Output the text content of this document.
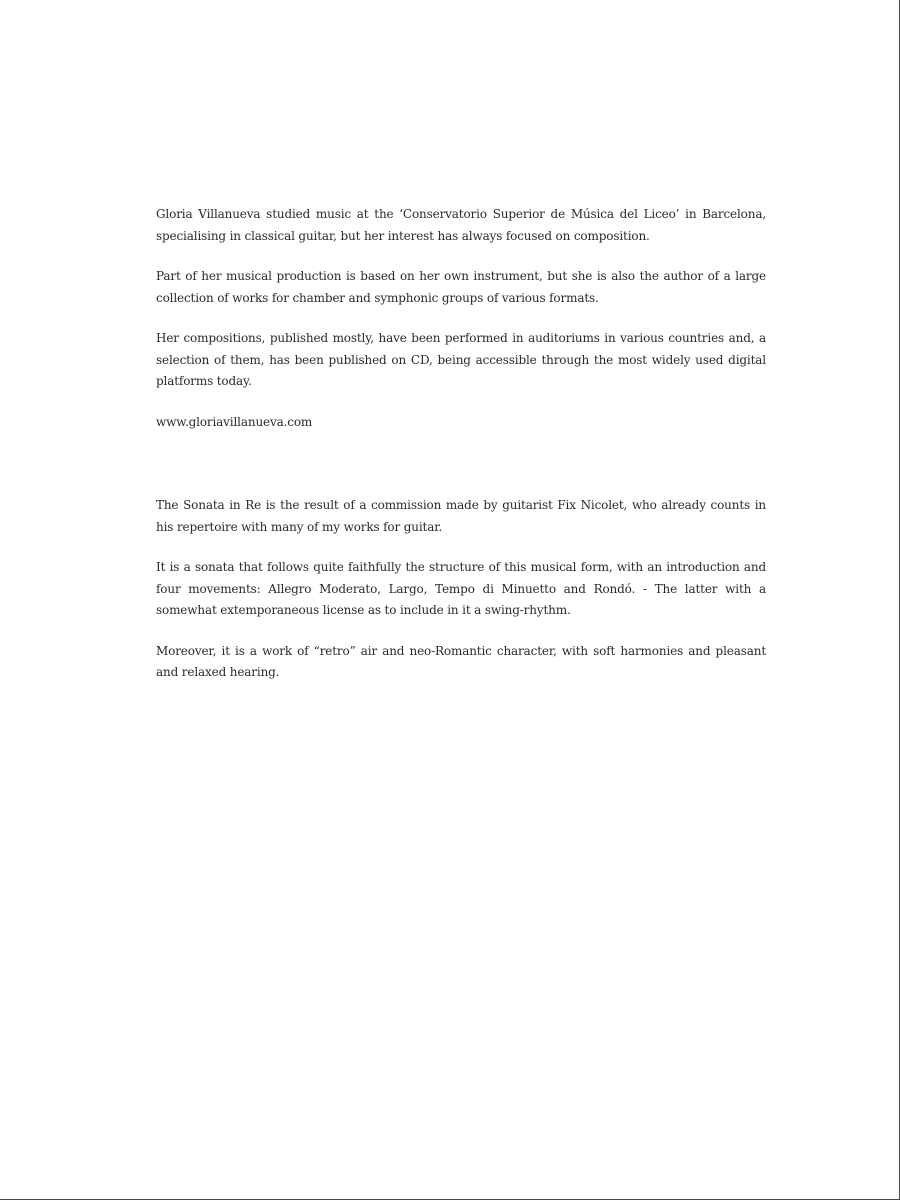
Gloria Villanueva studied music at the ‘Conservatorio Superior de Música del Liceo’ in Barcelona, specialising in classical guitar, but her interest has always focused on composition.

Part of her musical production is based on her own instrument, but she is also the author of a large collection of works for chamber and symphonic groups of various formats.

Her compositions, published mostly, have been performed in auditoriums in various countries and, a selection of them, has been published on CD, being accessible through the most widely used digital platforms today.

www.gloriavillanueva.com

The Sonata in Re is the result of a commission made by guitarist Fix Nicolet, who already counts in his repertoire with many of my works for guitar.

It is a sonata that follows quite faithfully the structure of this musical form, with an introduction and four movements: Allegro Moderato, Largo, Tempo di Minuetto and Rondó. - The latter with a somewhat extemporaneous license as to include in it a swing-rhythm.

Moreover, it is a work of “retro” air and neo-Romantic character, with soft harmonies and pleasant and relaxed hearing.
